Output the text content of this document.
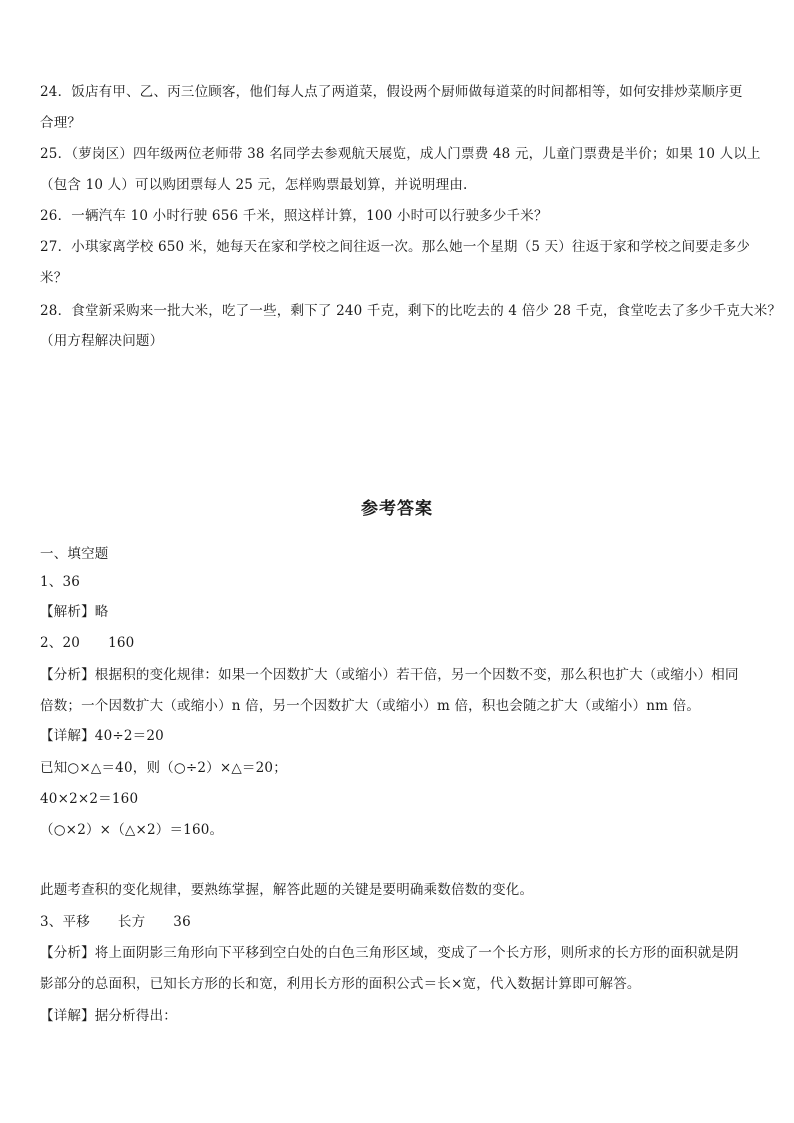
24．饭店有甲、乙、丙三位顾客，他们每人点了两道菜，假设两个厨师做每道菜的时间都相等，如何安排炒菜顺序更
合理？
25．（萝岗区）四年级两位老师带 38 名同学去参观航天展览，成人门票费 48 元，儿童门票费是半价；如果 10 人以上
（包含 10 人）可以购团票每人 25 元，怎样购票最划算，并说明理由.
26．一辆汽车 10 小时行驶 656 千米，照这样计算，100 小时可以行驶多少千米？
27．小琪家离学校 650 米，她每天在家和学校之间往返一次。那么她一个星期（5 天）往返于家和学校之间要走多少
米？
28．食堂新采购来一批大米，吃了一些，剩下了 240 千克，剩下的比吃去的 4 倍少 28 千克，食堂吃去了多少千克大米？
（用方程解决问题）
参考答案
一、填空题
1、36
【解析】略
2、20 160
【分析】根据积的变化规律：如果一个因数扩大（或缩小）若干倍，另一个因数不变，那么积也扩大（或缩小）相同
倍数；一个因数扩大（或缩小）n 倍，另一个因数扩大（或缩小）m 倍，积也会随之扩大（或缩小）nm 倍。
【详解】40÷2＝20
已知○×△＝40，则（○÷2）×△＝20；
40×2×2＝160
（○×2）×（△×2）＝160。
此题考查积的变化规律，要熟练掌握，解答此题的关键是要明确乘数倍数的变化。
3、平移 长方 36
【分析】将上面阴影三角形向下平移到空白处的白色三角形区域，变成了一个长方形，则所求的长方形的面积就是阴
影部分的总面积，已知长方形的长和宽，利用长方形的面积公式＝长×宽，代入数据计算即可解答。
【详解】据分析得出：
